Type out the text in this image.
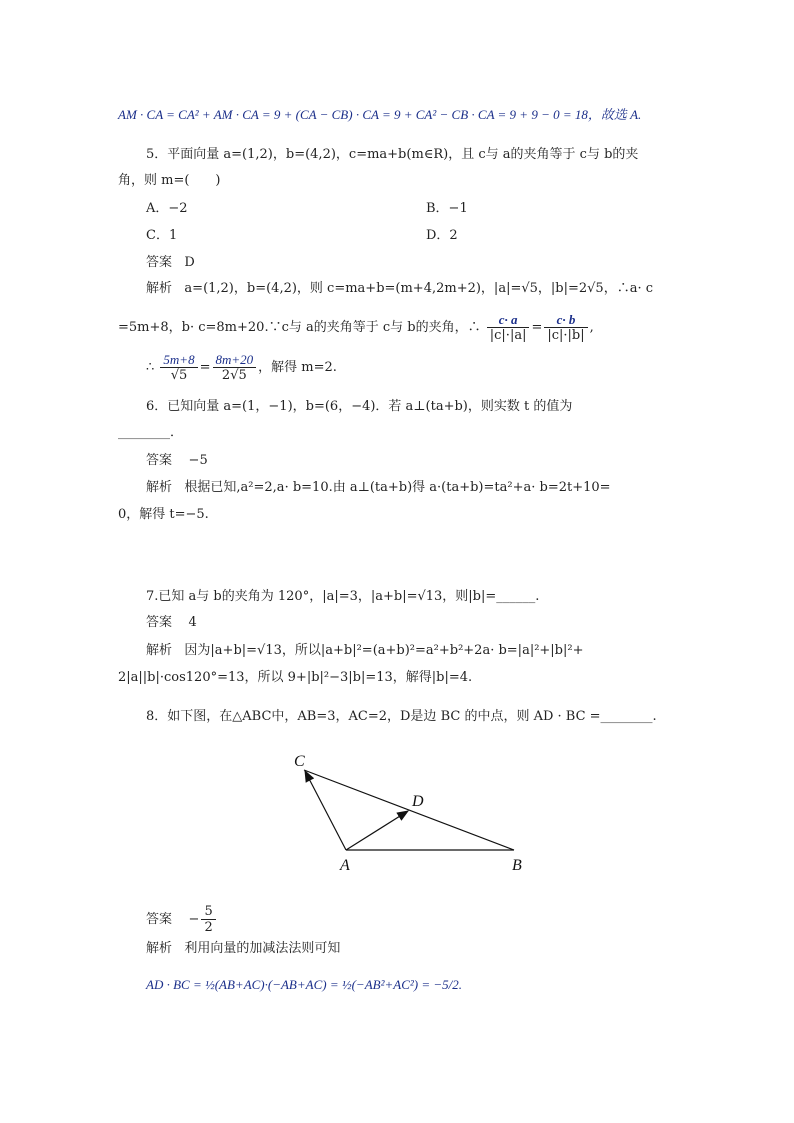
AM · CA = CA² + AM · CA = 9 + (CA − CB) · CA = 9 + CA² − CB · CA = 9 + 9 − 0 = 18，故选 A.
5．平面向量 a=(1,2)，b=(4,2)，c=ma+b(m∈R)，且 c与 a的夹角等于 c与 b的夹
角，则 m=(　　)
A．−2	B．−1
C．1	D．2
答案 D
解析 a=(1,2)，b=(4,2)，则 c=ma+b=(m+4,2m+2)，|a|=√5，|b|=2√5，∴a· c
=5m+8，b· c=8m+20.∵c与 a的夹角等于 c与 b的夹角，∴ $\frac{c\cdot a}{|c|\cdot|a|} = \frac{c\cdot b}{|c|\cdot|b|}$ ,
∴ $\frac{5m+8}{√5} = \frac{8m+20}{2√5}$ ，解得 m=2.
6．已知向量 a=(1，−1)，b=(6，−4)．若 a⊥(ta+b)，则实数 t 的值为
________．
答案 −5
解析 根据已知,a²=2,a· b=10.由 a⊥(ta+b)得 a·(ta+b)=ta²+a· b=2t+10=
0，解得 t=−5.
7.已知 a与 b的夹角为 120°，|a|=3，|a+b|=√13，则|b|=______.
答案 4
解析 因为|a+b|=√13，所以|a+b|²=(a+b)²=a²+b²+2a· b=|a|²+|b|²+
2|a||b|·cos120°=13，所以 9+|b|²−3|b|=13，解得|b|=4.
8．如下图，在△ABC中，AB=3，AC=2，D是边 BC 的中点，则 AD · BC =________.
C
D
A	B
答案 − $\frac{5}{2}$
解析 利用向量的加减法法则可知
AD · BC = ½(AB+AC)·(−AB+AC) = ½(−AB²+AC²) = −5/2.
